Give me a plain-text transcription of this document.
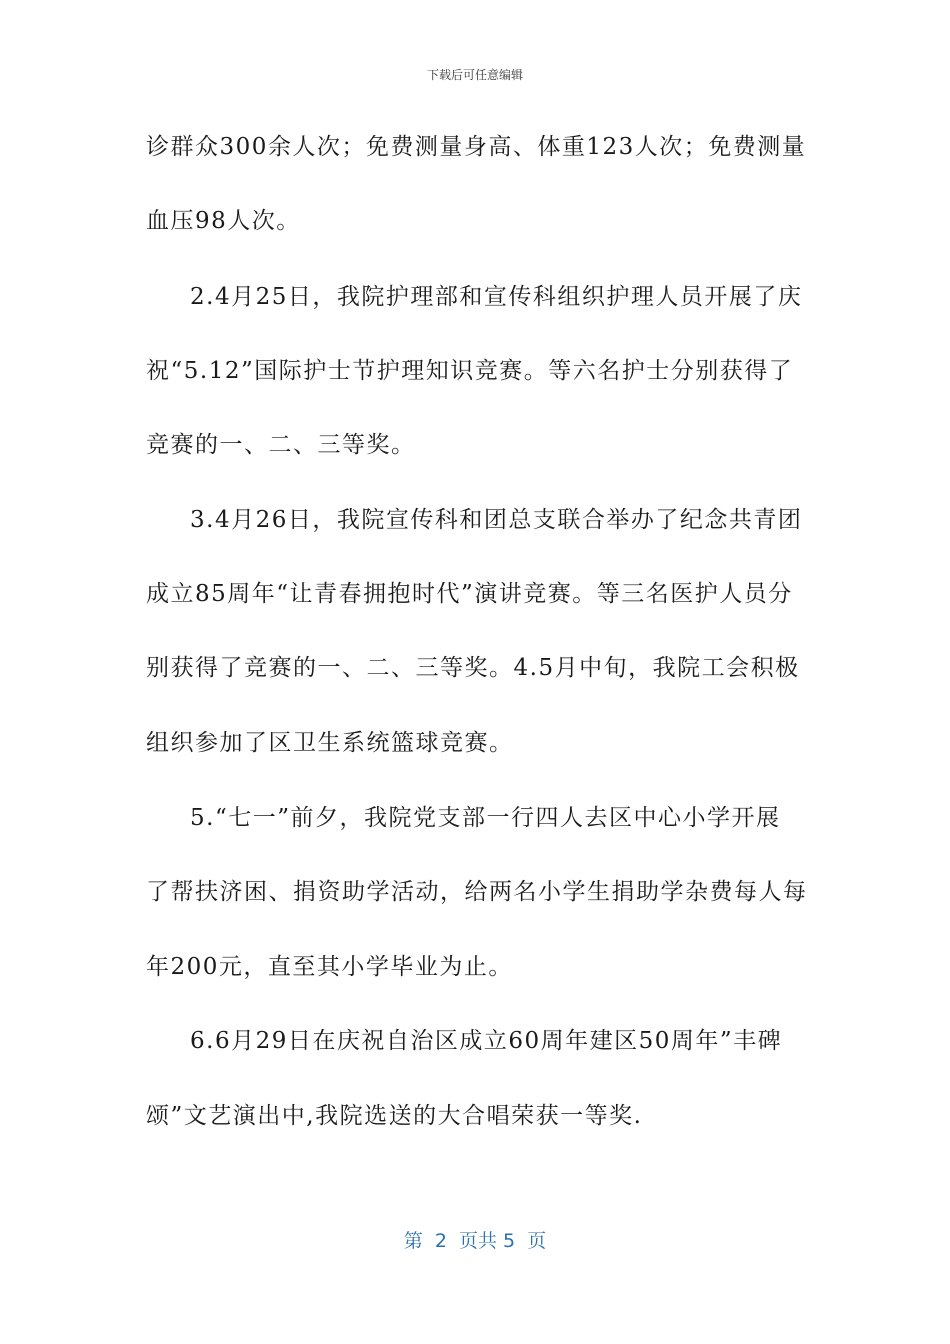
下载后可任意编辑
诊群众300余人次；免费测量身高、体重123人次；免费测量
血压98人次。
2.4月25日，我院护理部和宣传科组织护理人员开展了庆
祝“5.12”国际护士节护理知识竞赛。等六名护士分别获得了
竞赛的一、二、三等奖。
3.4月26日，我院宣传科和团总支联合举办了纪念共青团
成立85周年“让青春拥抱时代”演讲竞赛。等三名医护人员分
别获得了竞赛的一、二、三等奖。4.5月中旬，我院工会积极
组织参加了区卫生系统篮球竞赛。
5.“七一”前夕，我院党支部一行四人去区中心小学开展
了帮扶济困、捐资助学活动，给两名小学生捐助学杂费每人每
年200元，直至其小学毕业为止。
6.6月29日在庆祝自治区成立60周年建区50周年”丰碑
颂”文艺演出中,我院选送的大合唱荣获一等奖.
第  2  页共 5  页
